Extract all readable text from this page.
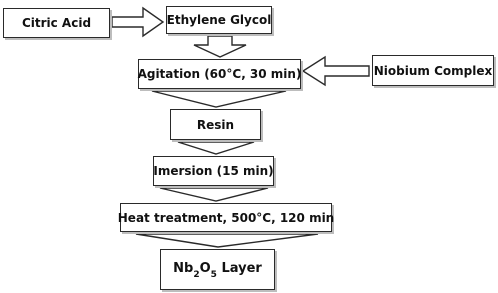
Citric Acid	Ethylene Glycol
Agitation (60°C, 30 min)	Niobium Complex
Resin
Imersion (15 min)
Heat treatment, 500°C, 120 min
$Nb_2O_5$ Layer
